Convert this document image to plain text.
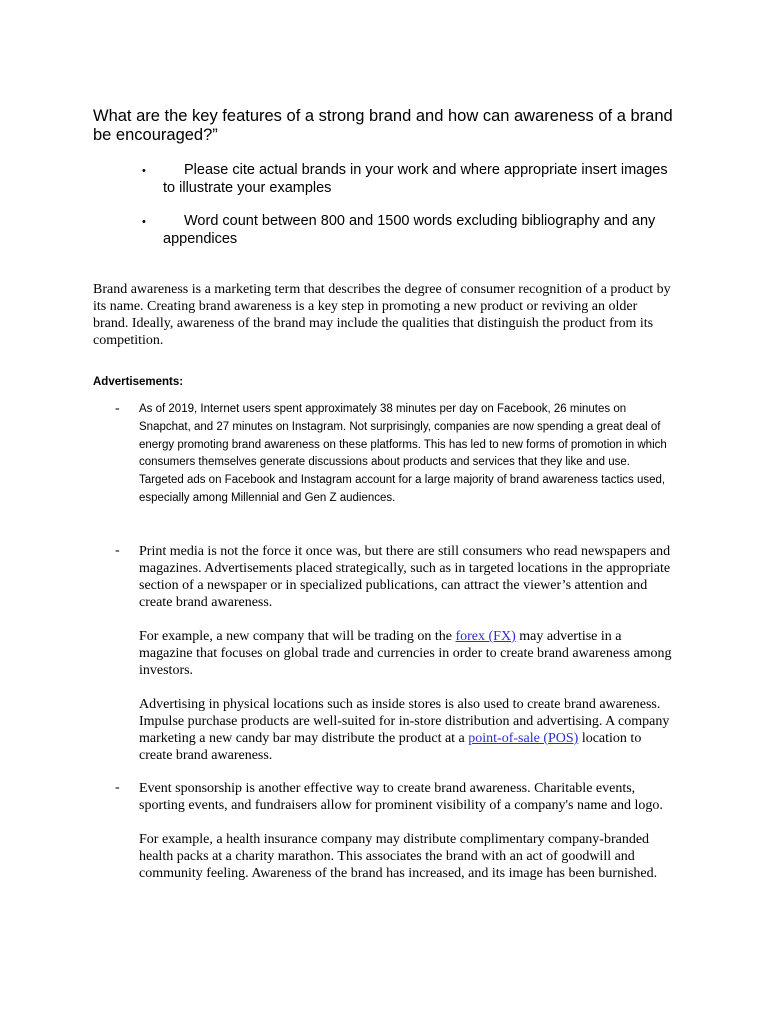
What are the key features of a strong brand and how can awareness of a brand be encouraged?”
•
Please cite actual brands in your work and where appropriate insert images to illustrate your examples
•
Word count between 800 and 1500 words excluding bibliography and any appendices

Brand awareness is a marketing term that describes the degree of consumer recognition of a product by its name. Creating brand awareness is a key step in promoting a new product or reviving an older brand. Ideally, awareness of the brand may include the qualities that distinguish the product from its competition.

Advertisements:
- As of 2019, Internet users spent approximately 38 minutes per day on Facebook, 26 minutes on Snapchat, and 27 minutes on Instagram. Not surprisingly, companies are now spending a great deal of energy promoting brand awareness on these platforms. This has led to new forms of promotion in which consumers themselves generate discussions about products and services that they like and use. Targeted ads on Facebook and Instagram account for a large majority of brand awareness tactics used, especially among Millennial and Gen Z audiences.
- Print media is not the force it once was, but there are still consumers who read newspapers and magazines. Advertisements placed strategically, such as in targeted locations in the appropriate section of a newspaper or in specialized publications, can attract the viewer’s attention and create brand awareness.

For example, a new company that will be trading on the forex (FX) may advertise in a magazine that focuses on global trade and currencies in order to create brand awareness among investors.

Advertising in physical locations such as inside stores is also used to create brand awareness. Impulse purchase products are well-suited for in-store distribution and advertising. A company marketing a new candy bar may distribute the product at a point-of-sale (POS) location to create brand awareness.

- Event sponsorship is another effective way to create brand awareness. Charitable events, sporting events, and fundraisers allow for prominent visibility of a company's name and logo.

For example, a health insurance company may distribute complimentary company-branded health packs at a charity marathon. This associates the brand with an act of goodwill and community feeling. Awareness of the brand has increased, and its image has been burnished.
